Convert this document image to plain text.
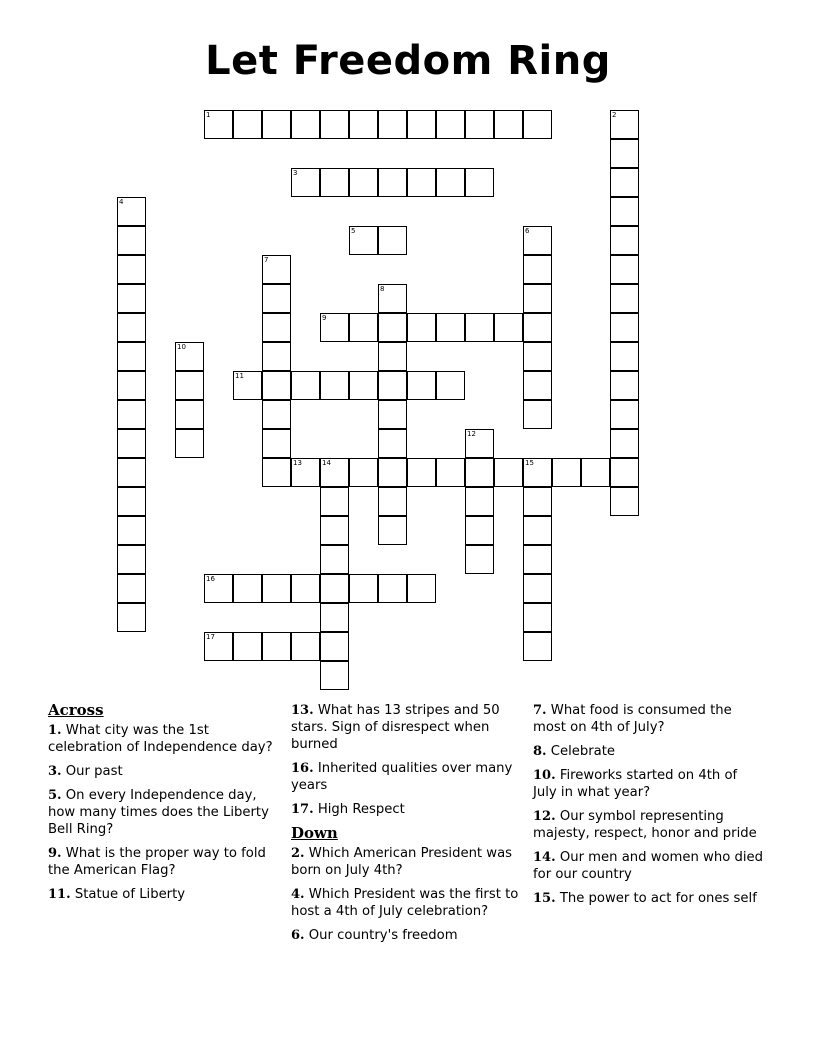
Let Freedom Ring
1	2
3
4
5	6
7
8
9
10
11
12
13	14	15
16
17
Across
1. What city was the 1st celebration of Independence day?
3. Our past
5. On every Independence day, how many times does the Liberty Bell Ring?
9. What is the proper way to fold the American Flag?
11. Statue of Liberty
13. What has 13 stripes and 50 stars. Sign of disrespect when burned
16. Inherited qualities over many years
17. High Respect
Down
2. Which American President was born on July 4th?
4. Which President was the first to host a 4th of July celebration?
6. Our country's freedom
7. What food is consumed the most on 4th of July?
8. Celebrate
10. Fireworks started on 4th of July in what year?
12. Our symbol representing majesty, respect, honor and pride
14. Our men and women who died for our country
15. The power to act for ones self
